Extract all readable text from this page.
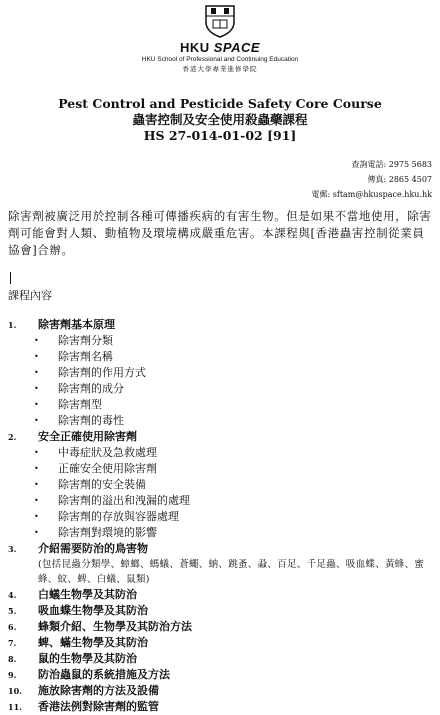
HKU SPACE
HKU School of Professional and Continuing Education
香港大學專業進修學院
Pest Control and Pesticide Safety Core Course
蟲害控制及安全使用殺蟲藥課程
HS 27-014-01-02 [91]
查詢電話: 2975 5683
傳真: 2865 4507
電郵: sftam@hkuspace.hku.hk
除害劑被廣泛用於控制各種可傳播疾病的有害生物。但是如果不當地使用，除害劑可能會對人類、動植物及環境構成嚴重危害。本課程與[香港蟲害控制從業員協會]合辦。
課程內容
1.	除害劑基本原理
• 除害劑分類
• 除害劑名稱
• 除害劑的作用方式
• 除害劑的成分
• 除害劑型
• 除害劑的毒性
2.	安全正確使用除害劑
• 中毒症狀及急救處理
• 正確安全使用除害劑
• 除害劑的安全裝備
• 除害劑的溢出和洩漏的處理
• 除害劑的存放與容器處理
• 除害劑對環境的影響
3.	介紹需要防治的鳥害物
(包括昆蟲分類學、蟑螂、螞蟻、蒼蠅、蚋、跳蚤、蝨、百足、千足蟲、吸血蝶、黃蜂、蜜蜂、蚊、蜱、白蟻、鼠類)
4.	白蟻生物學及其防治
5.	吸血蝶生物學及其防治
6.	蜂類介紹、生物學及其防治方法
7.	蜱、蟎生物學及其防治
8.	鼠的生物學及其防治
9.	防治蟲鼠的系統措施及方法
10.	施放除害劑的方法及設備
11.	香港法例對除害劑的監管
